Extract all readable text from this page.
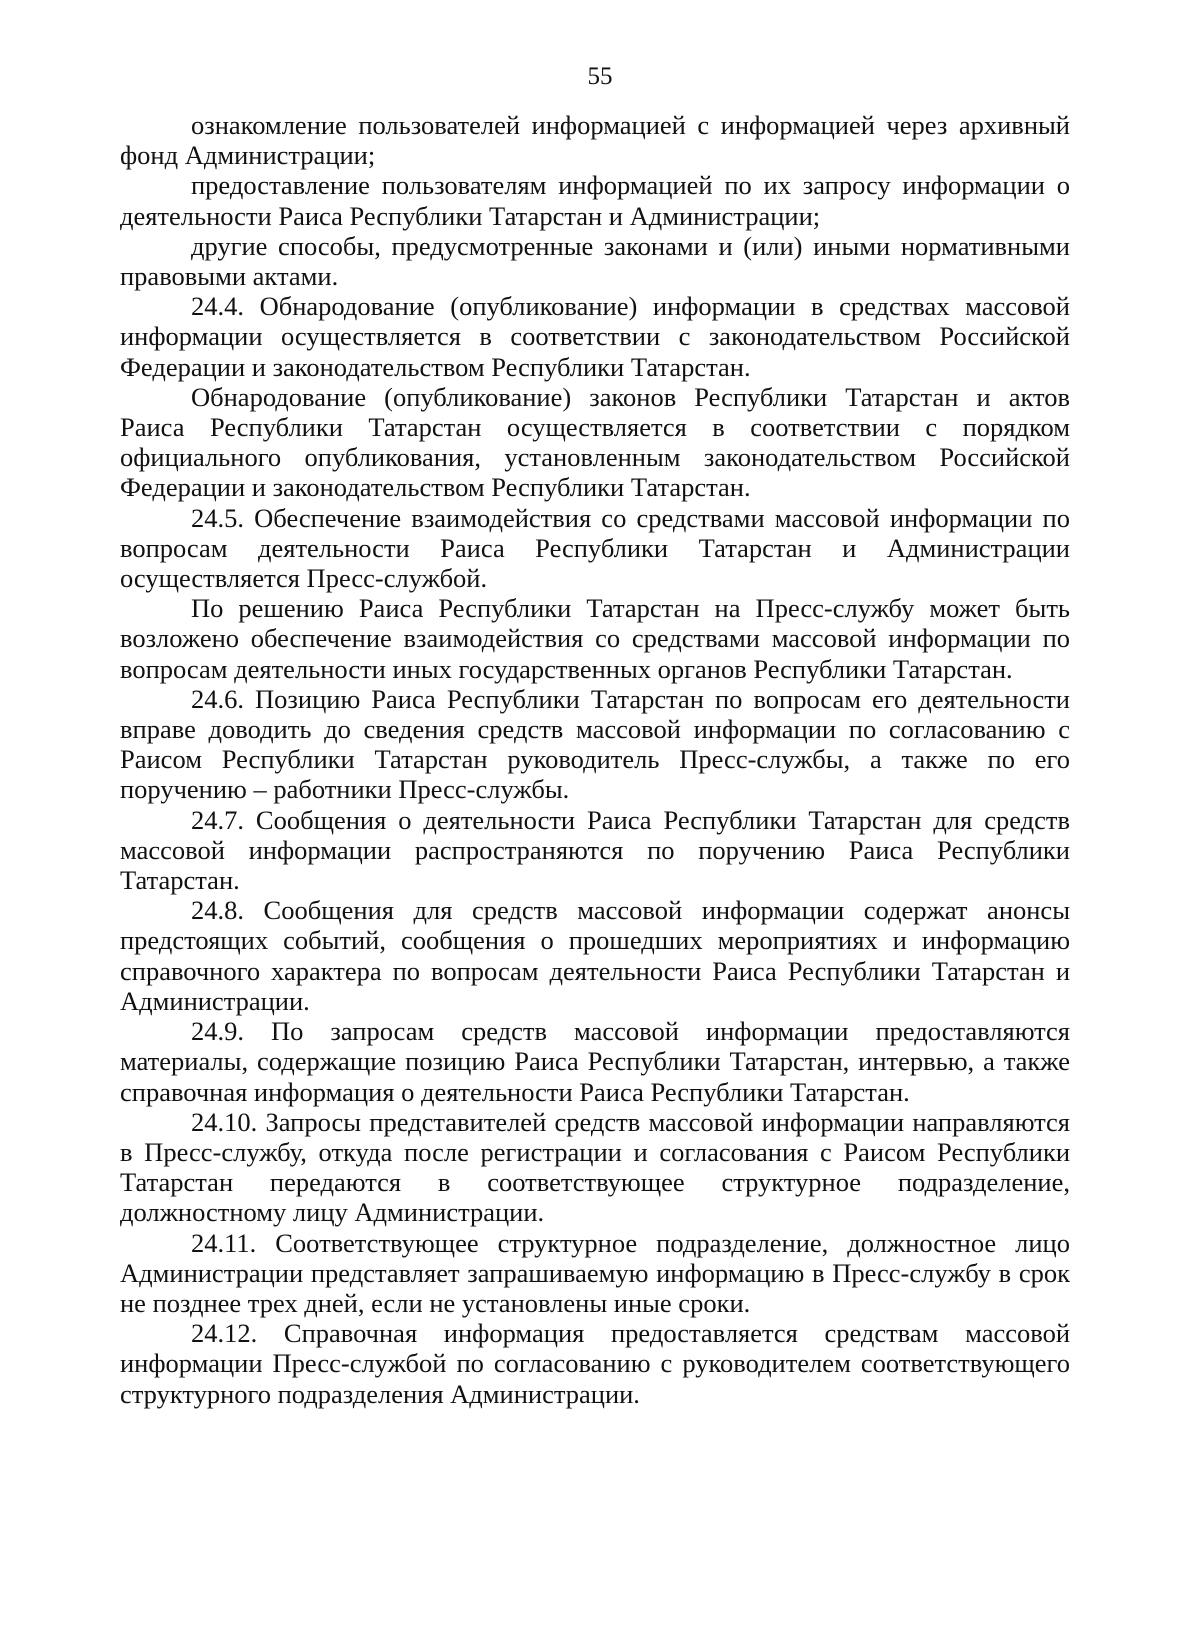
55

ознакомление пользователей информацией с информацией через архивный фонд Администрации;

предоставление пользователям информацией по их запросу информации о деятельности Раиса Республики Татарстан и Администрации;

другие способы, предусмотренные законами и (или) иными нормативными правовыми актами.

24.4. Обнародование (опубликование) информации в средствах массовой информации осуществляется в соответствии с законодательством Российской Федерации и законодательством Республики Татарстан.

Обнародование (опубликование) законов Республики Татарстан и актов Раиса Республики Татарстан осуществляется в соответствии с порядком официального опубликования, установленным законодательством Российской Федерации и законодательством Республики Татарстан.

24.5. Обеспечение взаимодействия со средствами массовой информации по вопросам деятельности Раиса Республики Татарстан и Администрации осуществляется Пресс-службой.

По решению Раиса Республики Татарстан на Пресс-службу может быть возложено обеспечение взаимодействия со средствами массовой информации по вопросам деятельности иных государственных органов Республики Татарстан.

24.6. Позицию Раиса Республики Татарстан по вопросам его деятельности вправе доводить до сведения средств массовой информации по согласованию с Раисом Республики Татарстан руководитель Пресс-службы, а также по его поручению – работники Пресс-службы.

24.7. Сообщения о деятельности Раиса Республики Татарстан для средств массовой информации распространяются по поручению Раиса Республики Татарстан.

24.8. Сообщения для средств массовой информации содержат анонсы предстоящих событий, сообщения о прошедших мероприятиях и информацию справочного характера по вопросам деятельности Раиса Республики Татарстан и Администрации.

24.9. По запросам средств массовой информации предоставляются материалы, содержащие позицию Раиса Республики Татарстан, интервью, а также справочная информация о деятельности Раиса Республики Татарстан.

24.10. Запросы представителей средств массовой информации направляются в Пресс-службу, откуда после регистрации и согласования с Раисом Республики Татарстан передаются в соответствующее структурное подразделение, должностному лицу Администрации.

24.11. Соответствующее структурное подразделение, должностное лицо Администрации представляет запрашиваемую информацию в Пресс-службу в срок не позднее трех дней, если не установлены иные сроки.

24.12. Справочная информация предоставляется средствам массовой информации Пресс-службой по согласованию с руководителем соответствующего структурного подразделения Администрации.
